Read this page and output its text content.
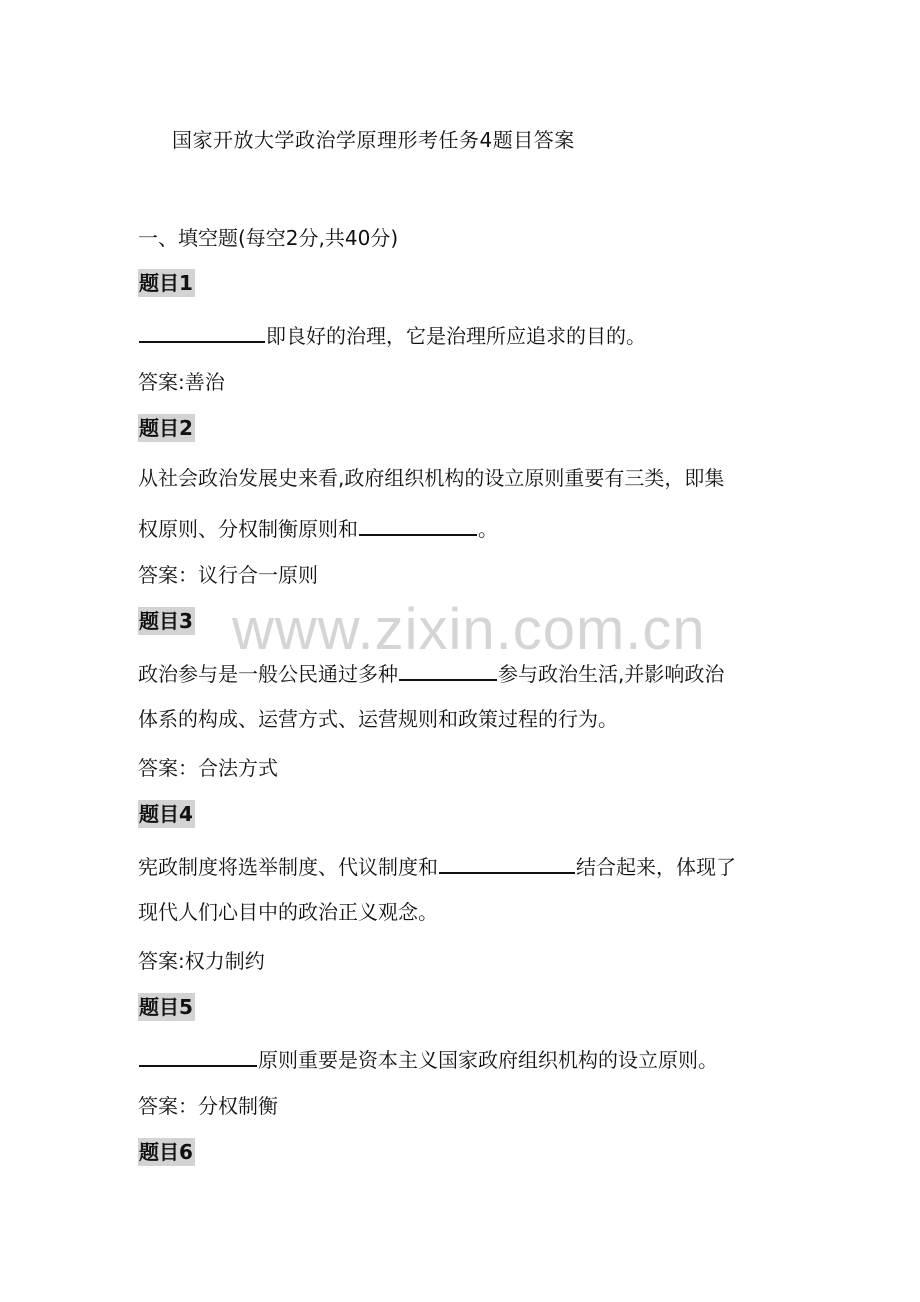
国家开放大学政治学原理形考任务4题目答案
一、填空题(每空2分,共40分)
题目1
即良好的治理，它是治理所应追求的目的。
答案:善治
题目2
从社会政治发展史来看,政府组织机构的设立原则重要有三类，即集
权原则、分权制衡原则和	。
答案：议行合一原则
题目3
政治参与是一般公民通过多种	参与政治生活,并影响政治
体系的构成、运营方式、运营规则和政策过程的行为。
答案：合法方式
题目4
宪政制度将选举制度、代议制度和	结合起来，体现了
现代人们心目中的政治正义观念。
答案:权力制约
题目5
原则重要是资本主义国家政府组织机构的设立原则。
答案：分权制衡
题目6
www.zixin.com.cn
